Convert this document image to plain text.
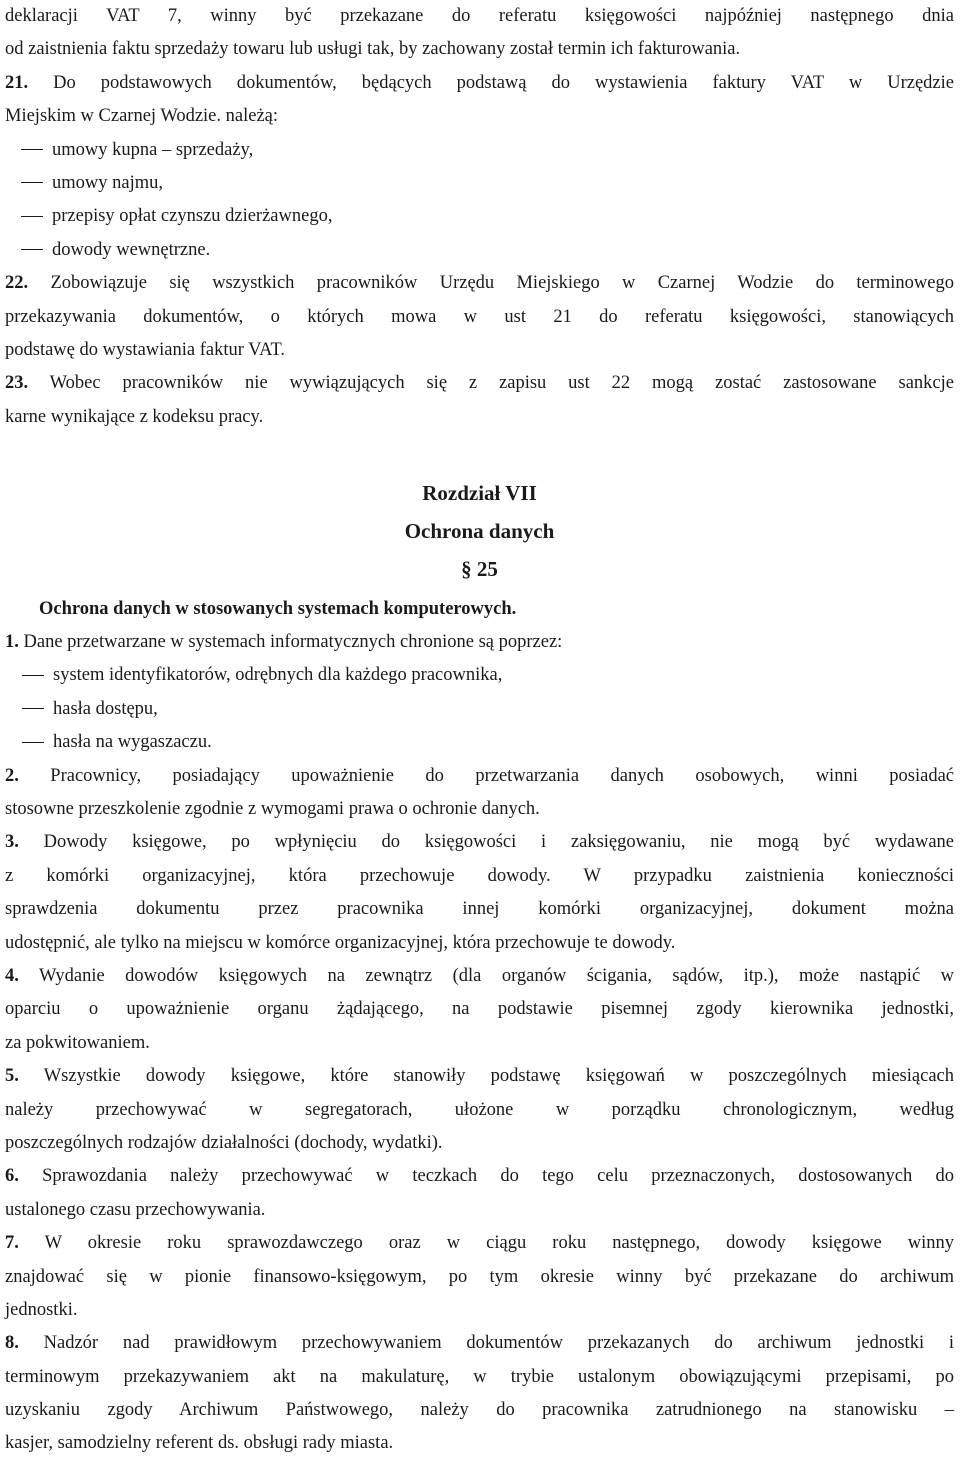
deklaracji VAT 7, winny być przekazane do referatu księgowości najpóźniej następnego dnia
od zaistnienia faktu sprzedaży towaru lub usługi tak, by zachowany został termin ich fakturowania.
21. Do podstawowych dokumentów, będących podstawą do wystawienia faktury VAT w Urzędzie
Miejskim w Czarnej Wodzie. należą:
umowy kupna – sprzedaży,
umowy najmu,
przepisy opłat czynszu dzierżawnego,
dowody wewnętrzne.
22. Zobowiązuje się wszystkich pracowników Urzędu Miejskiego w Czarnej Wodzie do terminowego
przekazywania dokumentów, o których mowa w ust 21 do referatu księgowości, stanowiących
podstawę do wystawiania faktur VAT.
23. Wobec pracowników nie wywiązujących się z zapisu ust 22 mogą zostać zastosowane sankcje
karne wynikające z kodeksu pracy.
Rozdział VII
Ochrona danych
§ 25
Ochrona danych w stosowanych systemach komputerowych.
1. Dane przetwarzane w systemach informatycznych chronione są poprzez:
system identyfikatorów, odrębnych dla każdego pracownika,
hasła dostępu,
hasła na wygaszaczu.
2. Pracownicy, posiadający upoważnienie do przetwarzania danych osobowych, winni posiadać
stosowne przeszkolenie zgodnie z wymogami prawa o ochronie danych.
3. Dowody księgowe, po wpłynięciu do księgowości i zaksięgowaniu, nie mogą być wydawane
z komórki organizacyjnej, która przechowuje dowody. W przypadku zaistnienia konieczności
sprawdzenia dokumentu przez pracownika innej komórki organizacyjnej, dokument można
udostępnić, ale tylko na miejscu w komórce organizacyjnej, która przechowuje te dowody.
4. Wydanie dowodów księgowych na zewnątrz (dla organów ścigania, sądów, itp.), może nastąpić w
oparciu o upoważnienie organu żądającego, na podstawie pisemnej zgody kierownika jednostki,
za pokwitowaniem.
5. Wszystkie dowody księgowe, które stanowiły podstawę księgowań w poszczególnych miesiącach
należy przechowywać w segregatorach, ułożone w porządku chronologicznym, według
poszczególnych rodzajów działalności (dochody, wydatki).
6. Sprawozdania należy przechowywać w teczkach do tego celu przeznaczonych, dostosowanych do
ustalonego czasu przechowywania.
7. W okresie roku sprawozdawczego oraz w ciągu roku następnego, dowody księgowe winny
znajdować się w pionie finansowo-księgowym, po tym okresie winny być przekazane do archiwum
jednostki.
8. Nadzór nad prawidłowym przechowywaniem dokumentów przekazanych do archiwum jednostki i
terminowym przekazywaniem akt na makulaturę, w trybie ustalonym obowiązującymi przepisami, po
uzyskaniu zgody Archiwum Państwowego, należy do pracownika zatrudnionego na stanowisku –
kasjer, samodzielny referent ds. obsługi rady miasta.
